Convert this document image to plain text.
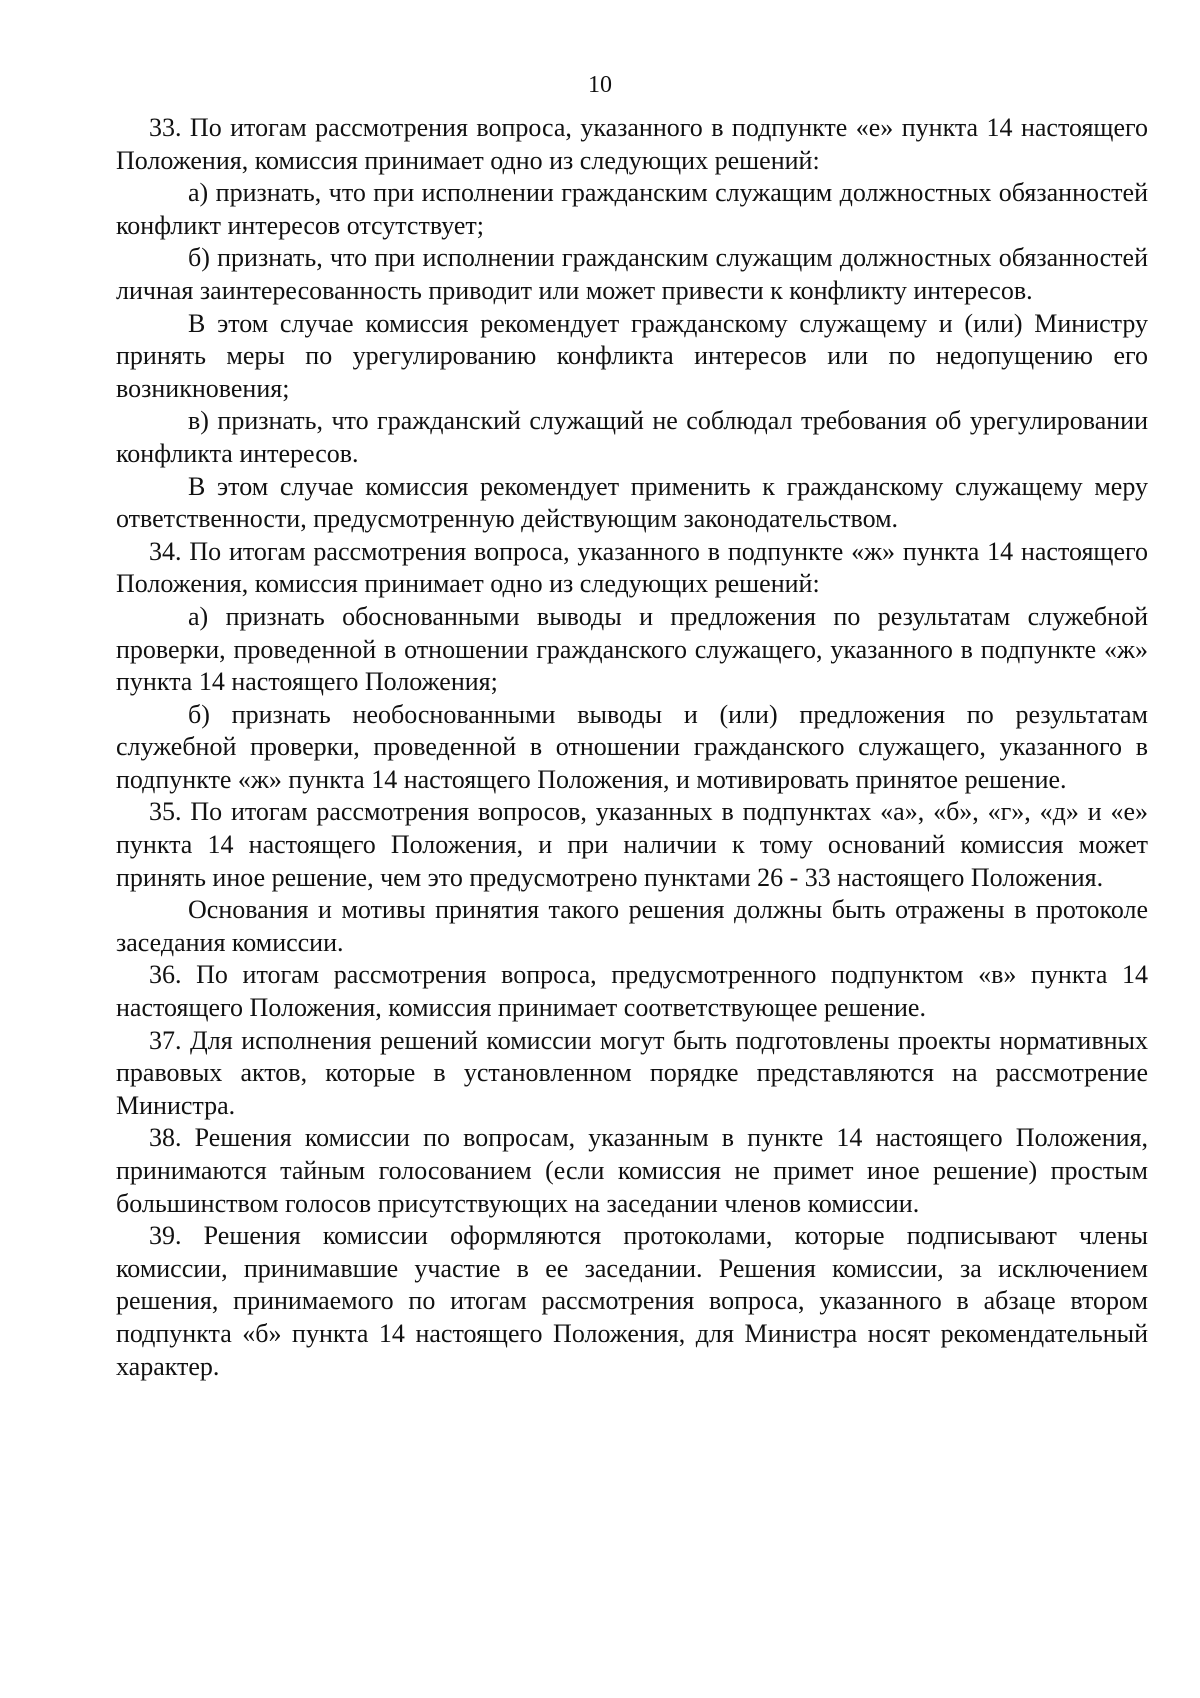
10

33. По итогам рассмотрения вопроса, указанного в подпункте «е» пункта 14 настоящего Положения, комиссия принимает одно из следующих решений:

а) признать, что при исполнении гражданским служащим должностных обязанностей конфликт интересов отсутствует;

б) признать, что при исполнении гражданским служащим должностных обязанностей личная заинтересованность приводит или может привести к конфликту интересов.

В этом случае комиссия рекомендует гражданскому служащему и (или) Министру принять меры по урегулированию конфликта интересов или по недопущению его возникновения;

в) признать, что гражданский служащий не соблюдал требования об урегулировании конфликта интересов.

В этом случае комиссия рекомендует применить к гражданскому служащему меру ответственности, предусмотренную действующим законодательством.

34. По итогам рассмотрения вопроса, указанного в подпункте «ж» пункта 14 настоящего Положения, комиссия принимает одно из следующих решений:

а) признать обоснованными выводы и предложения по результатам служебной проверки, проведенной в отношении гражданского служащего, указанного в подпункте «ж» пункта 14 настоящего Положения;

б) признать необоснованными выводы и (или) предложения по результатам служебной проверки, проведенной в отношении гражданского служащего, указанного в подпункте «ж» пункта 14 настоящего Положения, и мотивировать принятое решение.

35. По итогам рассмотрения вопросов, указанных в подпунктах «а», «б», «г», «д» и «е» пункта 14 настоящего Положения, и при наличии к тому оснований комиссия может принять иное решение, чем это предусмотрено пунктами 26 - 33 настоящего Положения.

Основания и мотивы принятия такого решения должны быть отражены в протоколе заседания комиссии.

36. По итогам рассмотрения вопроса, предусмотренного подпунктом «в» пункта 14 настоящего Положения, комиссия принимает соответствующее решение.

37. Для исполнения решений комиссии могут быть подготовлены проекты нормативных правовых актов, которые в установленном порядке представляются на рассмотрение Министра.

38. Решения комиссии по вопросам, указанным в пункте 14 настоящего Положения, принимаются тайным голосованием (если комиссия не примет иное решение) простым большинством голосов присутствующих на заседании членов комиссии.

39. Решения комиссии оформляются протоколами, которые подписывают члены комиссии, принимавшие участие в ее заседании. Решения комиссии, за исключением решения, принимаемого по итогам рассмотрения вопроса, указанного в абзаце втором подпункта «б» пункта 14 настоящего Положения, для Министра носят рекомендательный характер.
